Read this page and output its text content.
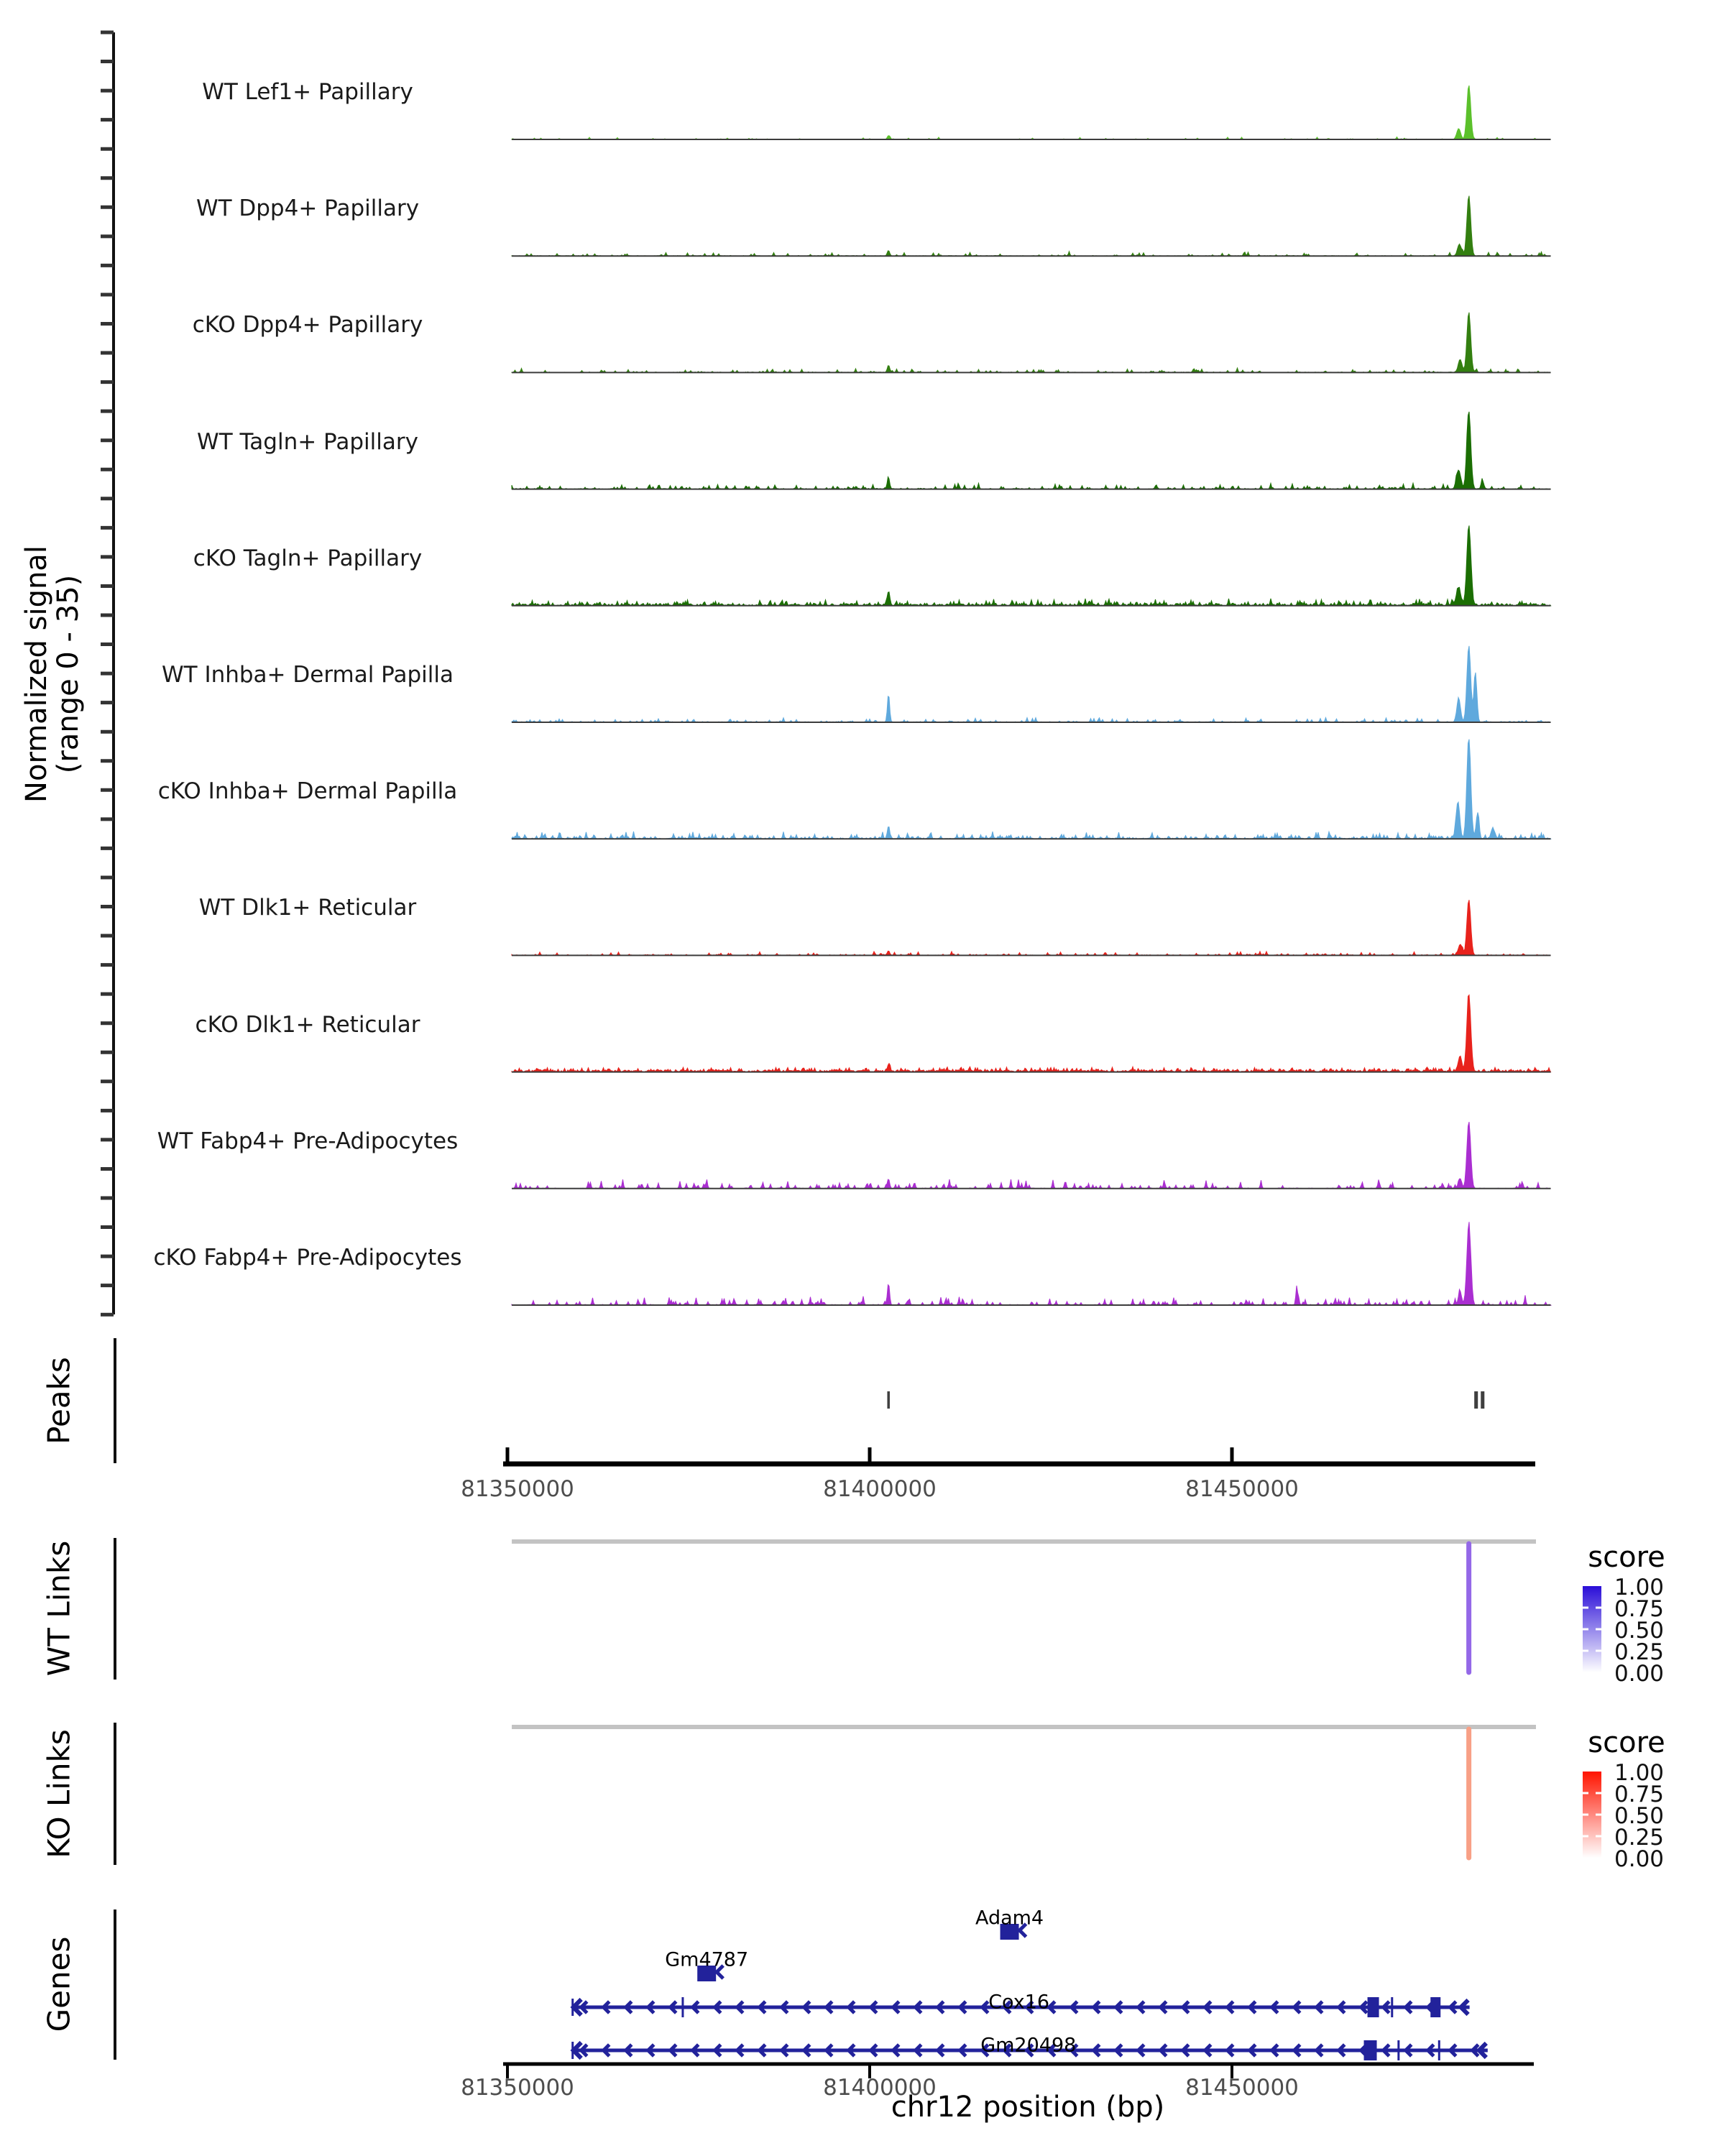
Normalized signal
(range 0 - 35)
Peaks
WT Links
KO Links
Genes
score
score
chr12 position (bp)
WT Lef1+ Papillary
WT Dpp4+ Papillary
cKO Dpp4+ Papillary
WT Tagln+ Papillary
cKO Tagln+ Papillary
WT Inhba+ Dermal Papilla
cKO Inhba+ Dermal Papilla
WT Dlk1+ Reticular
cKO Dlk1+ Reticular
WT Fabp4+ Pre-Adipocytes
cKO Fabp4+ Pre-Adipocytes
81350000	81400000	81450000
1.00
0.75
0.50
0.25
0.00
1.00
0.75
0.50
0.25
0.00
Gm4787
Adam4
Cox16
Gm20498
81350000	81400000	81450000
